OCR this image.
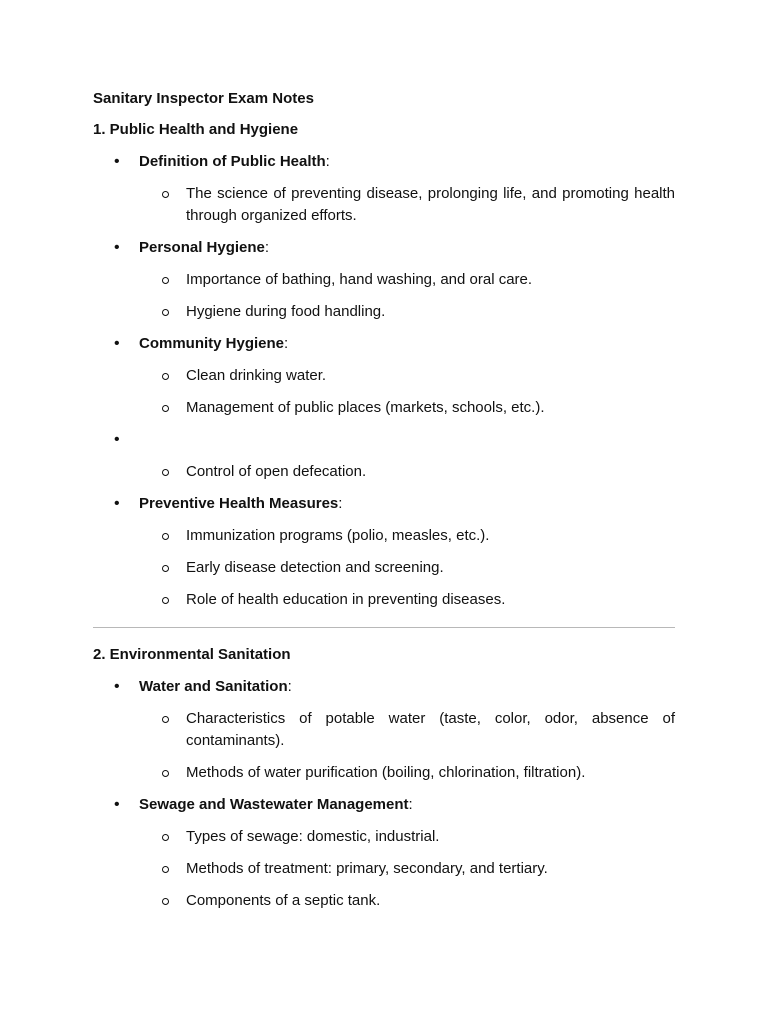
Sanitary Inspector Exam Notes
1. Public Health and Hygiene
• Definition of Public Health:
The science of preventing disease, prolonging life, and promoting health through organized efforts.
• Personal Hygiene:
Importance of bathing, hand washing, and oral care.
Hygiene during food handling.
• Community Hygiene:
Clean drinking water.
Management of public places (markets, schools, etc.).
•
Control of open defecation.
• Preventive Health Measures:
Immunization programs (polio, measles, etc.).
Early disease detection and screening.
Role of health education in preventing diseases.
2. Environmental Sanitation
• Water and Sanitation:
Characteristics of potable water (taste, color, odor, absence of contaminants).
Methods of water purification (boiling, chlorination, filtration).
• Sewage and Wastewater Management:
Types of sewage: domestic, industrial.
Methods of treatment: primary, secondary, and tertiary.
Components of a septic tank.
